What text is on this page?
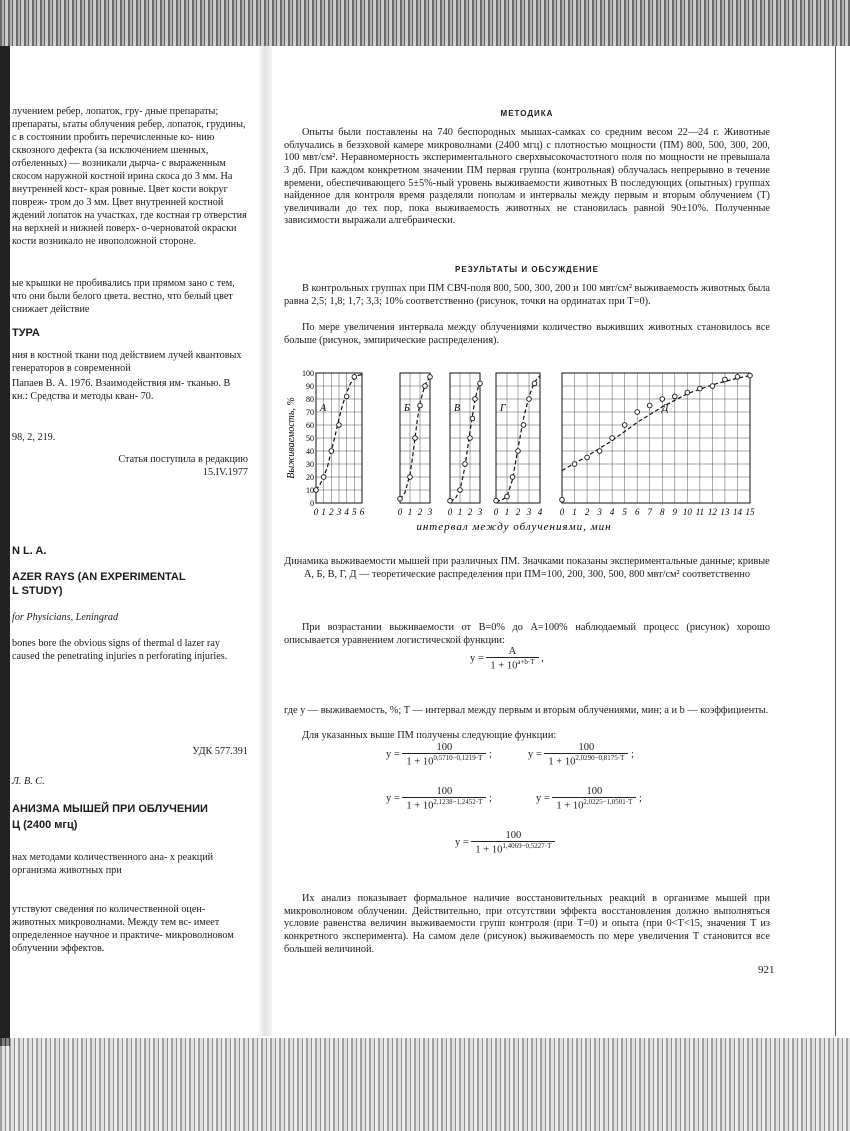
лучением ребер, лопаток, гру- дные препараты; препараты, ьтаты облучения ребер, лопаток, грудины, с в состоянии пробить перечисленные ко- нию сквозного дефекта (за исключением шенных, отбеленных) — возникали дырча- с выраженным скосом наружной костной ирина скоса до 3 мм. На внутренней кост- края ровные. Цвет кости вокруг повреж- тром до 3 мм. Цвет внутренней костной ждений лопаток на участках, где костная гр отверстия на верхней и нижней поверх- о-черноватой окраски кости возникало не ивоположной стороне.

ые крышки не пробивались при прямом зано с тем, что они были белого цвета. вестно, что белый цвет снижает действие

ТУРА

ния в костной ткани под действием лучей квантовых генераторов в современной

Папаев В. А. 1976. Взаимодействия им- тканью. В кн.: Средства и методы кван- 70.

98, 2, 219.

Статья поступила в редакцию

15.IV.1977

N L. A.

AZER RAYS (AN EXPERIMENTAL

L STUDY)

for Physicians, Leningrad

bones bore the obvious signs of thermal d lazer ray caused the penetrating injuries n perforating injuries.

УДК 577.391

Л. В. С.

АНИЗМА МЫШЕЙ ПРИ ОБЛУЧЕНИИ

Ц (2400 мгц)

нах методами количественного ана- х реакций организма животных при

утствуют сведения по количественной оцен- животных микроволнами. Между тем вс- имеет определенное научное и практиче- микроволновом облучении эффектов.

МЕТОДИКА

Опыты были поставлены на 740 беспородных мышах-самках со средним весом 22—24 г. Животные облучались в безэховой камере микроволнами (2400 мгц) с плотностью мощности (ПМ) 800, 500, 300, 200, 100 мвт/см². Неравномерность экспериментального сверхвысокочастотного поля по мощности не превышала 3 дб. При каждом конкретном значении ПМ первая группа (контрольная) облучалась непрерывно в течение времени, обеспечивающего 5±5%-ный уровень выживаемости животных В последующих (опытных) группах найденное для контроля время разделяли пополам и интервалы между первым и вторым облучением (T) увеличивали до тех пор, пока выживаемость животных не становилась равной 90±10%. Полученные зависимости выражали алгебраически.

РЕЗУЛЬТАТЫ И ОБСУЖДЕНИЕ

В контрольных группах при ПМ СВЧ-поля 800, 500, 300, 200 и 100 мвт/см² выживаемость животных была равна 2,5; 1,8; 1,7; 3,3; 10% соответственно (рисунок, точки на ординатах при T=0).

По мере увеличения интервала между облучениями количество выживших животных становилось все больше (рисунок, эмпирические распределения).

Выживаемость, %
0
10
20
30
40
50
60
70
80
90
100
0 1 2 3 4 5 6
А
0 1 2 3
Б
0 1 2 3
В
0 1 2 3 4
Г
0 1 2 3 4 5 6 7 8 9 10 11 12 13 14 15
Д
интервал между облучениями, мин

Динамика выживаемости мышей при различных ПМ. Значками показаны экспериментальные данные; кривые А, Б, В, Г, Д — теоретические распределения при ПМ=100, 200, 300, 500, 800 мвт/см² соответственно

При возрастании выживаемости от B=0% до A=100% наблюдаемый процесс (рисунок) хорошо описывается уравнением логистической функции:

$y = \frac{A}{1 + 10^{a+b\cdot T}}$ ,

где y — выживаемость, %; T — интервал между первым и вторым облучениями, мин; a и b — коэффициенты.

Для указанных выше ПМ получены следующие функции:

$y = \frac{100}{1 + 10^{0,5710-0,1219\cdot T}}$ ;	$y = \frac{100}{1 + 10^{2,0290-0,8175\cdot T}}$ ;
$y = \frac{100}{1 + 10^{2,1238-1,2452\cdot T}}$ ;	$y = \frac{100}{1 + 10^{2,0225-1,0501\cdot T}}$ ;
$y = \frac{100}{1 + 10^{1,4069-0,5227\cdot T}}$

Их анализ показывает формальное наличие восстановительных реакций в организме мышей при микроволновом облучении. Действительно, при отсутствии эффекта восстановления должно выполняться условие равенства величин выживаемости групп контроля (при T=0) и опыта (при 0<T<15, значения T из конкретного эксперимента). На самом деле (рисунок) выживаемость по мере увеличения T становится все большей величиной.

921
